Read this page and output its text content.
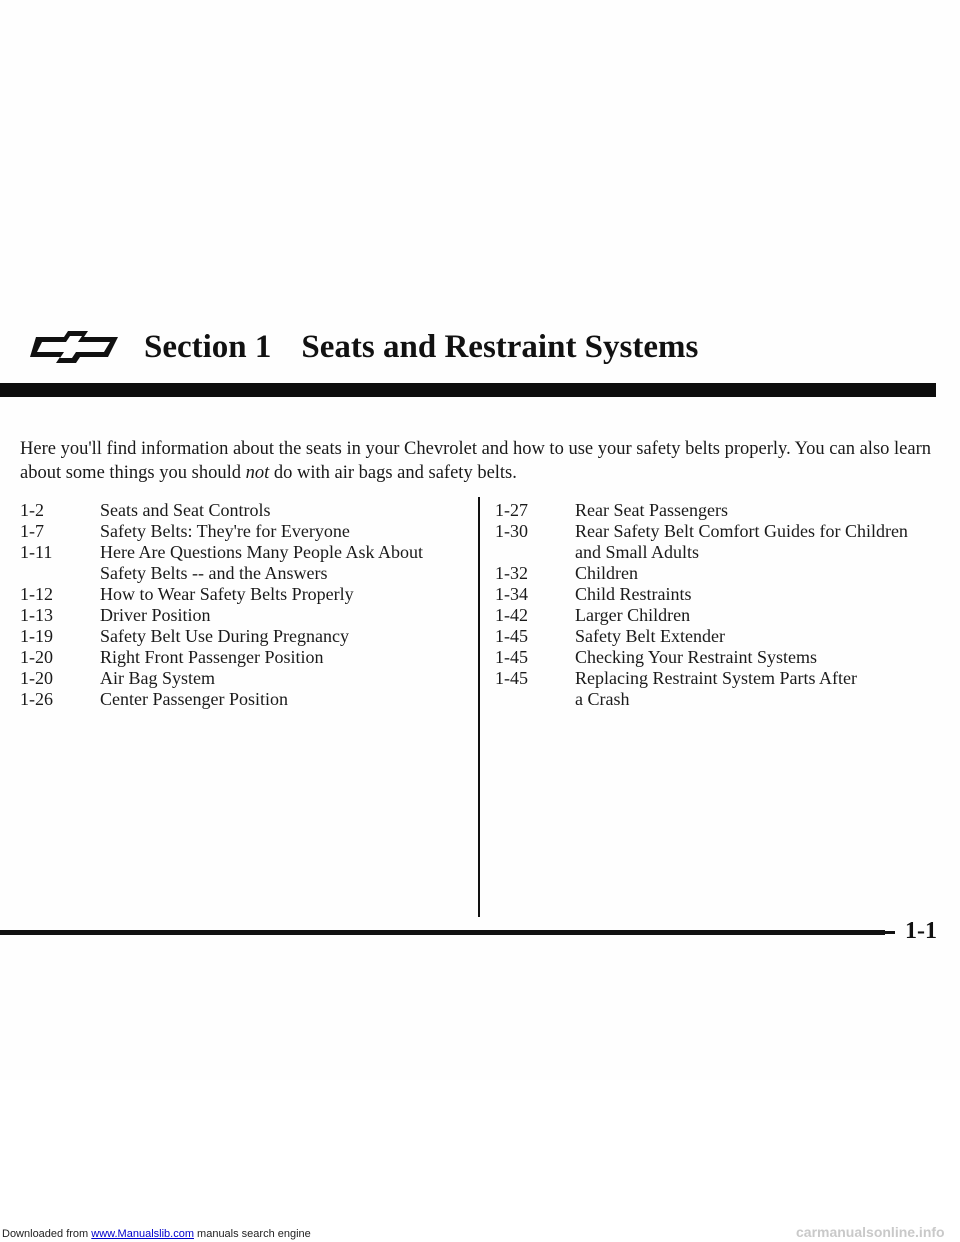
Section 1 Seats and Restraint Systems

Here you'll find information about the seats in your Chevrolet and how to use your safety belts properly. You can also learn about some things you should not do with air bags and safety belts.

1-2	Seats and Seat Controls
1-7	Safety Belts: They're for Everyone
1-11	Here Are Questions Many People Ask About
Safety Belts -- and the Answers
1-12	How to Wear Safety Belts Properly
1-13	Driver Position
1-19	Safety Belt Use During Pregnancy
1-20	Right Front Passenger Position
1-20	Air Bag System
1-26	Center Passenger Position
1-27	Rear Seat Passengers
1-30	Rear Safety Belt Comfort Guides for Children
and Small Adults
1-32	Children
1-34	Child Restraints
1-42	Larger Children
1-45	Safety Belt Extender
1-45	Checking Your Restraint Systems
1-45	Replacing Restraint System Parts After
a Crash
1-1
Downloaded from www.Manualslib.com manuals search engine	carmanualsonline.info
